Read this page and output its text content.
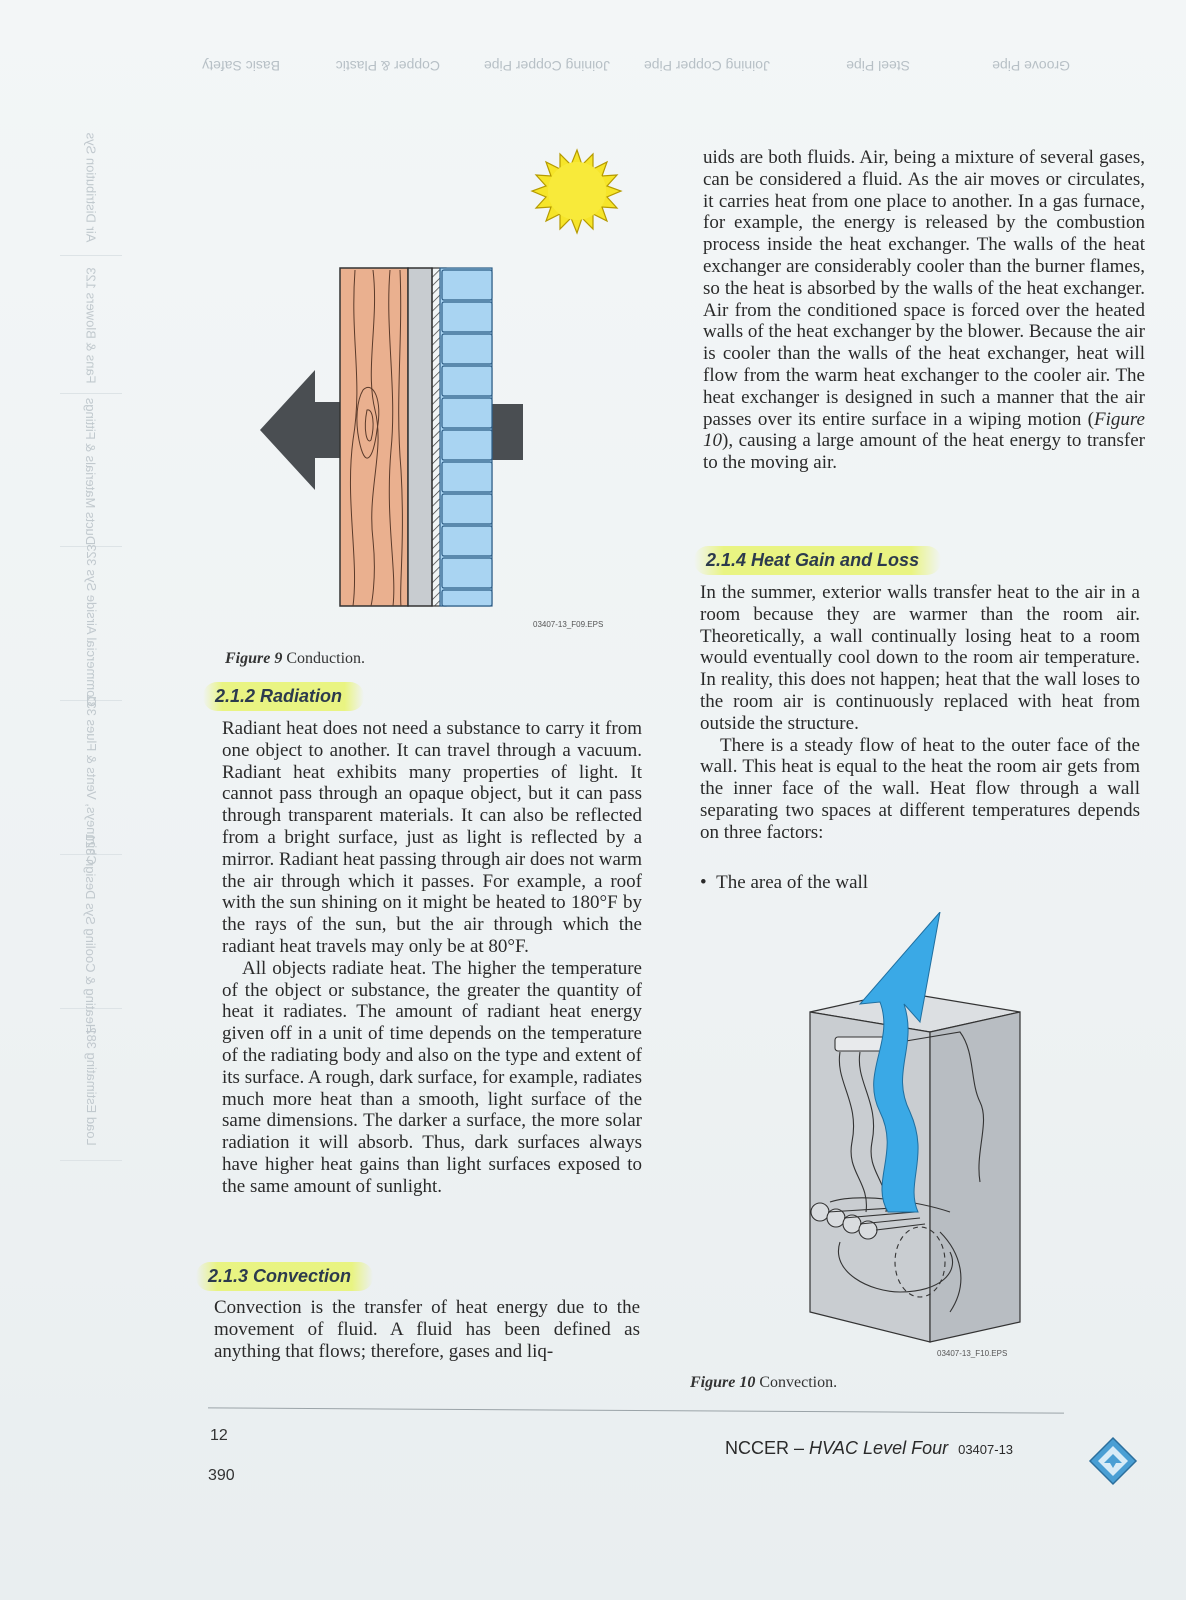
Groove Pipe
Steel Pipe
Joining Copper Pipe
Joining Copper Pipe
Copper & Plastic
Basic Safety
Air Distribution Sys
Fans & Blowers 123
Ducts Materials & Fittings
Commercial Airside Sys 323
Chimneys, Vents & Flues 331
Heating & Cooling Sys Design 321
Load Estimating 382
03407-13_F09.EPS
Figure 9 Conduction.
2.1.2 Radiation

Radiant heat does not need a substance to carry it from one object to another. It can travel through a vacuum. Radiant heat exhibits many properties of light. It cannot pass through an opaque object, but it can pass through transparent materials. It can also be reflected from a bright surface, just as light is reflected by a mirror. Radiant heat passing through air does not warm the air through which it passes. For example, a roof with the sun shining on it might be heated to 180°F by the rays of the sun, but the air through which the radiant heat travels may only be at 80°F.

All objects radiate heat. The higher the temperature of the object or substance, the greater the quantity of heat it radiates. The amount of radiant heat energy given off in a unit of time depends on the temperature of the radiating body and also on the type and extent of its surface. A rough, dark surface, for example, radiates much more heat than a smooth, light surface of the same dimensions. The darker a surface, the more solar radiation it will absorb. Thus, dark surfaces always have higher heat gains than light surfaces exposed to the same amount of sunlight.

2.1.3 Convection

Convection is the transfer of heat energy due to the movement of fluid. A fluid has been defined as anything that flows; therefore, gases and liq-

uids are both fluids. Air, being a mixture of several gases, can be considered a fluid. As the air moves or circulates, it carries heat from one place to another. In a gas furnace, for example, the energy is released by the combustion process inside the heat exchanger. The walls of the heat exchanger are considerably cooler than the burner flames, so the heat is absorbed by the walls of the heat exchanger. Air from the conditioned space is forced over the heated walls of the heat exchanger by the blower. Because the air is cooler than the walls of the heat exchanger, heat will flow from the warm heat exchanger to the cooler air. The heat exchanger is designed in such a manner that the air passes over its entire surface in a wiping motion (Figure 10), causing a large amount of the heat energy to transfer to the moving air.

2.1.4 Heat Gain and Loss

In the summer, exterior walls transfer heat to the air in a room because they are warmer than the room air. Theoretically, a wall continually losing heat to a room would eventually cool down to the room air temperature. In reality, this does not happen; heat that the wall loses to the room air is continuously replaced with heat from outside the structure.

There is a steady flow of heat to the outer face of the wall. This heat is equal to the heat the room air gets from the inner face of the wall. Heat flow through a wall separating two spaces at different temperatures depends on three factors:

•  The area of the wall
03407-13_F10.EPS
Figure 10 Convection.
12
390
NCCER – HVAC Level Four 03407-13
